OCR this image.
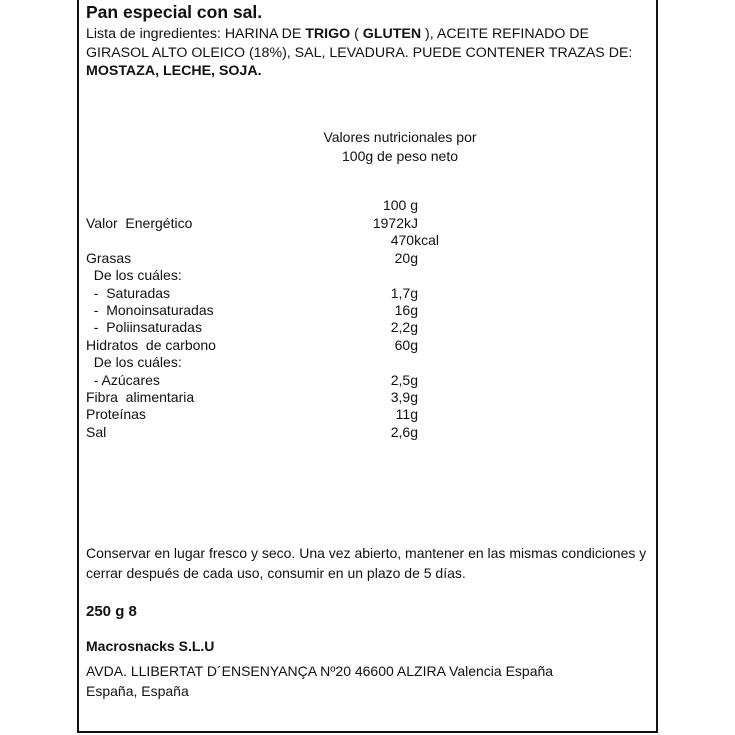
Pan especial con sal.

Lista de ingredientes: HARINA DE TRIGO ( GLUTEN ), ACEITE REFINADO DE GIRASOL ALTO OLEICO (18%), SAL, LEVADURA. PUEDE CONTENER TRAZAS DE: MOSTAZA, LECHE, SOJA.

Valores nutricionales por
100g de peso neto
100 g
Valor  Energético	1972kJ
470kcal
Grasas	20g
De los cuáles:
-  Saturadas	1,7g
-  Monoinsaturadas	16g
-  Poliinsaturadas	2,2g
Hidratos  de carbono	60g
De los cuáles:
- Azúcares	2,5g
Fibra  alimentaria	3,9g
Proteínas	11g
Sal	2,6g

Conservar en lugar fresco y seco. Una vez abierto, mantener en las mismas condiciones y cerrar después de cada uso, consumir en un plazo de 5 días.

250 g 8
Macrosnacks S.L.U

AVDA. LLIBERTAT D´ENSENYANÇA Nº20 46600 ALZIRA Valencia España
España, España
